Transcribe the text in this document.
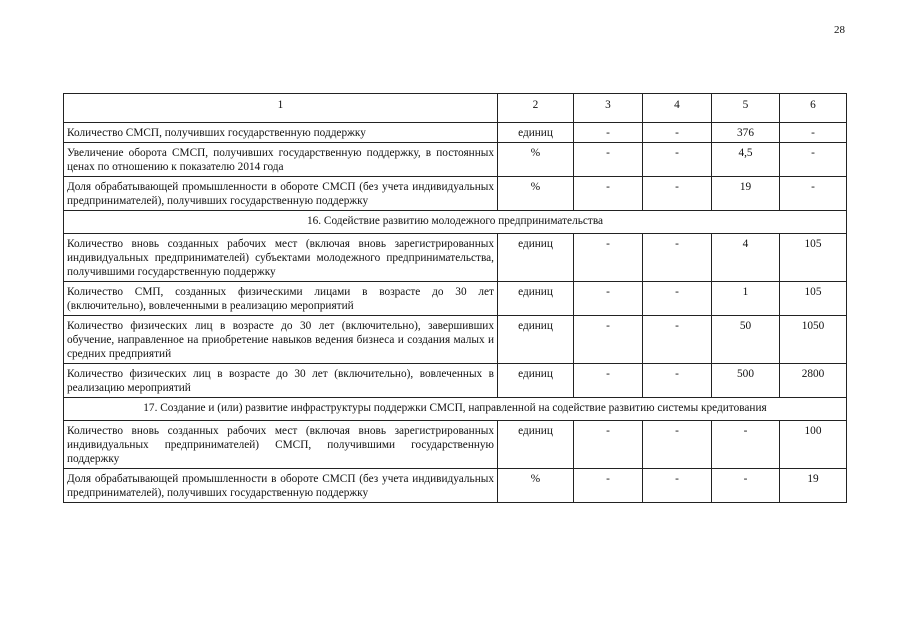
28
1	2	3	4	5	6
Количество СМСП, получивших государственную поддержку	единиц	-	-	376	-
Увеличение оборота СМСП, получивших государственную поддержку, в постоянных ценах по отношению к показателю 2014 года	%	-	-	4,5	-
Доля обрабатывающей промышленности в обороте СМСП (без учета индивидуальных предпринимателей), получивших государственную поддержку	%	-	-	19	-
16. Содействие развитию молодежного предпринимательства					
Количество вновь созданных рабочих мест (включая вновь зарегистрированных индивидуальных предпринимателей) субъектами молодежного предпринимательства, получившими государственную поддержку	единиц	-	-	4	105
Количество СМП, созданных физическими лицами в возрасте до 30 лет (включительно), вовлеченными в реализацию мероприятий	единиц	-	-	1	105
Количество физических лиц в возрасте до 30 лет (включительно), завершивших обучение, направленное на приобретение навыков ведения бизнеса и создания малых и средних предприятий	единиц	-	-	50	1050
Количество физических лиц в возрасте до 30 лет (включительно), вовлеченных в реализацию мероприятий	единиц	-	-	500	2800
17. Создание и (или) развитие инфраструктуры поддержки СМСП, направленной на содействие развитию системы кредитования					
Количество вновь созданных рабочих мест (включая вновь зарегистрированных индивидуальных предпринимателей) СМСП, получившими государственную поддержку	единиц	-	-	-	100
Доля обрабатывающей промышленности в обороте СМСП (без учета индивидуальных предпринимателей), получивших государственную поддержку	%	-	-	-	19
